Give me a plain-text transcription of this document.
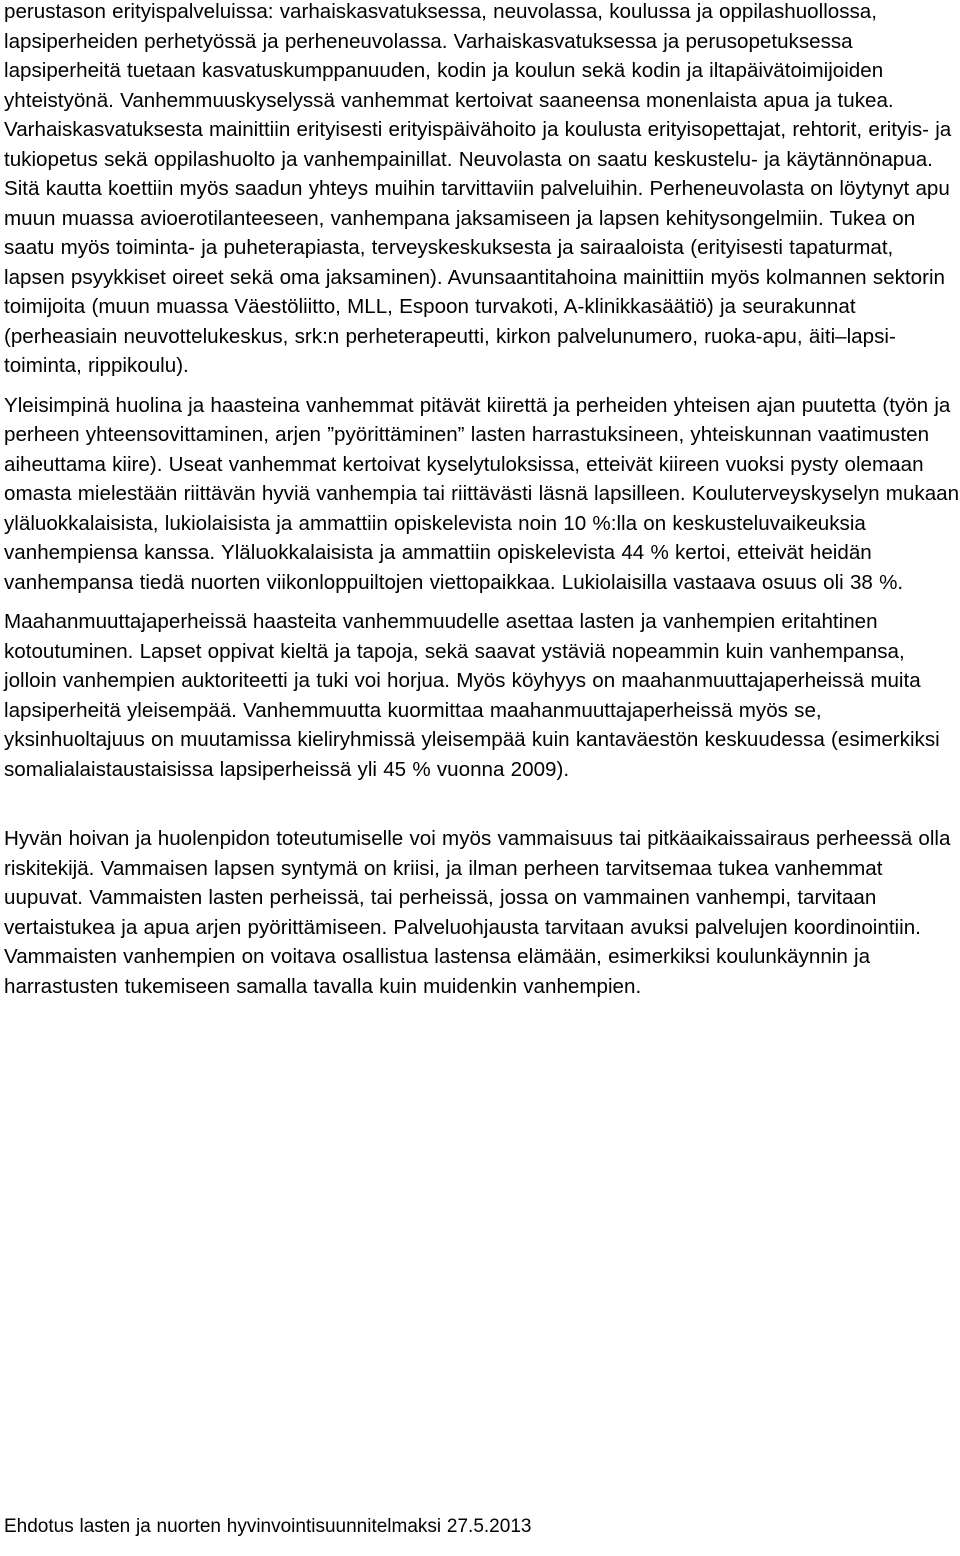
perustason erityispalveluissa: varhaiskasvatuksessa, neuvolassa, koulussa ja oppilashuollossa, lapsiperheiden perhetyössä ja perheneuvolassa. Varhaiskasvatuksessa ja perusopetuksessa lapsiperheitä tuetaan kasvatuskumppanuuden, kodin ja koulun sekä kodin ja iltapäivätoimijoiden yhteistyönä. Vanhemmuuskyselyssä vanhemmat kertoivat saaneensa monenlaista apua ja tukea. Varhaiskasvatuksesta mainittiin erityisesti erityispäivähoito ja koulusta erityisopettajat, rehtorit, erityis- ja tukiopetus sekä oppilashuolto ja vanhempainillat. Neuvolasta on saatu keskustelu- ja käytännönapua. Sitä kautta koettiin myös saadun yhteys muihin tarvittaviin palveluihin. Perheneuvolasta on löytynyt apu muun muassa avioerotilanteeseen, vanhempana jaksamiseen ja lapsen kehitysongelmiin. Tukea on saatu myös toiminta- ja puheterapiasta, terveyskeskuksesta ja sairaaloista (erityisesti tapaturmat, lapsen psyykkiset oireet sekä oma jaksaminen). Avunsaantitahoina mainittiin myös kolmannen sektorin toimijoita (muun muassa Väestöliitto, MLL, Espoon turvakoti, A-klinikkasäätiö) ja seurakunnat (perheasiain neuvottelukeskus, srk:n perheterapeutti, kirkon palvelunumero, ruoka-apu, äiti–lapsi-toiminta, rippikoulu).

Yleisimpinä huolina ja haasteina vanhemmat pitävät kiirettä ja perheiden yhteisen ajan puutetta (työn ja perheen yhteensovittaminen, arjen ”pyörittäminen” lasten harrastuksineen, yhteiskunnan vaatimusten aiheuttama kiire). Useat vanhemmat kertoivat kyselytuloksissa, etteivät kiireen vuoksi pysty olemaan omasta mielestään riittävän hyviä vanhempia tai riittävästi läsnä lapsilleen. Kouluterveyskyselyn mukaan yläluokkalaisista, lukiolaisista ja ammattiin opiskelevista noin 10 %:lla on keskusteluvaikeuksia vanhempiensa kanssa. Yläluokkalaisista ja ammattiin opiskelevista 44 % kertoi, etteivät heidän vanhempansa tiedä nuorten viikonloppuiltojen viettopaikkaa. Lukiolaisilla vastaava osuus oli 38 %.

Maahanmuuttajaperheissä haasteita vanhemmuudelle asettaa lasten ja vanhempien eritahtinen kotoutuminen. Lapset oppivat kieltä ja tapoja, sekä saavat ystäviä nopeammin kuin vanhempansa, jolloin vanhempien auktoriteetti ja tuki voi horjua. Myös köyhyys on maahanmuuttajaperheissä muita lapsiperheitä yleisempää. Vanhemmuutta kuormittaa maahanmuuttajaperheissä myös se, yksinhuoltajuus on muutamissa kieliryhmissä yleisempää kuin kantaväestön keskuudessa (esimerkiksi somalialaistaustaisissa lapsiperheissä yli 45 % vuonna 2009).

Hyvän hoivan ja huolenpidon toteutumiselle voi myös vammaisuus tai pitkäaikaissairaus perheessä olla riskitekijä. Vammaisen lapsen syntymä on kriisi, ja ilman perheen tarvitsemaa tukea vanhemmat uupuvat. Vammaisten lasten perheissä, tai perheissä, jossa on vammainen vanhempi, tarvitaan vertaistukea ja apua arjen pyörittämiseen. Palveluohjausta tarvitaan avuksi palvelujen koordinointiin. Vammaisten vanhempien on voitava osallistua lastensa elämään, esimerkiksi koulunkäynnin ja harrastusten tukemiseen samalla tavalla kuin muidenkin vanhempien.

Ehdotus lasten ja nuorten hyvinvointisuunnitelmaksi 27.5.2013
